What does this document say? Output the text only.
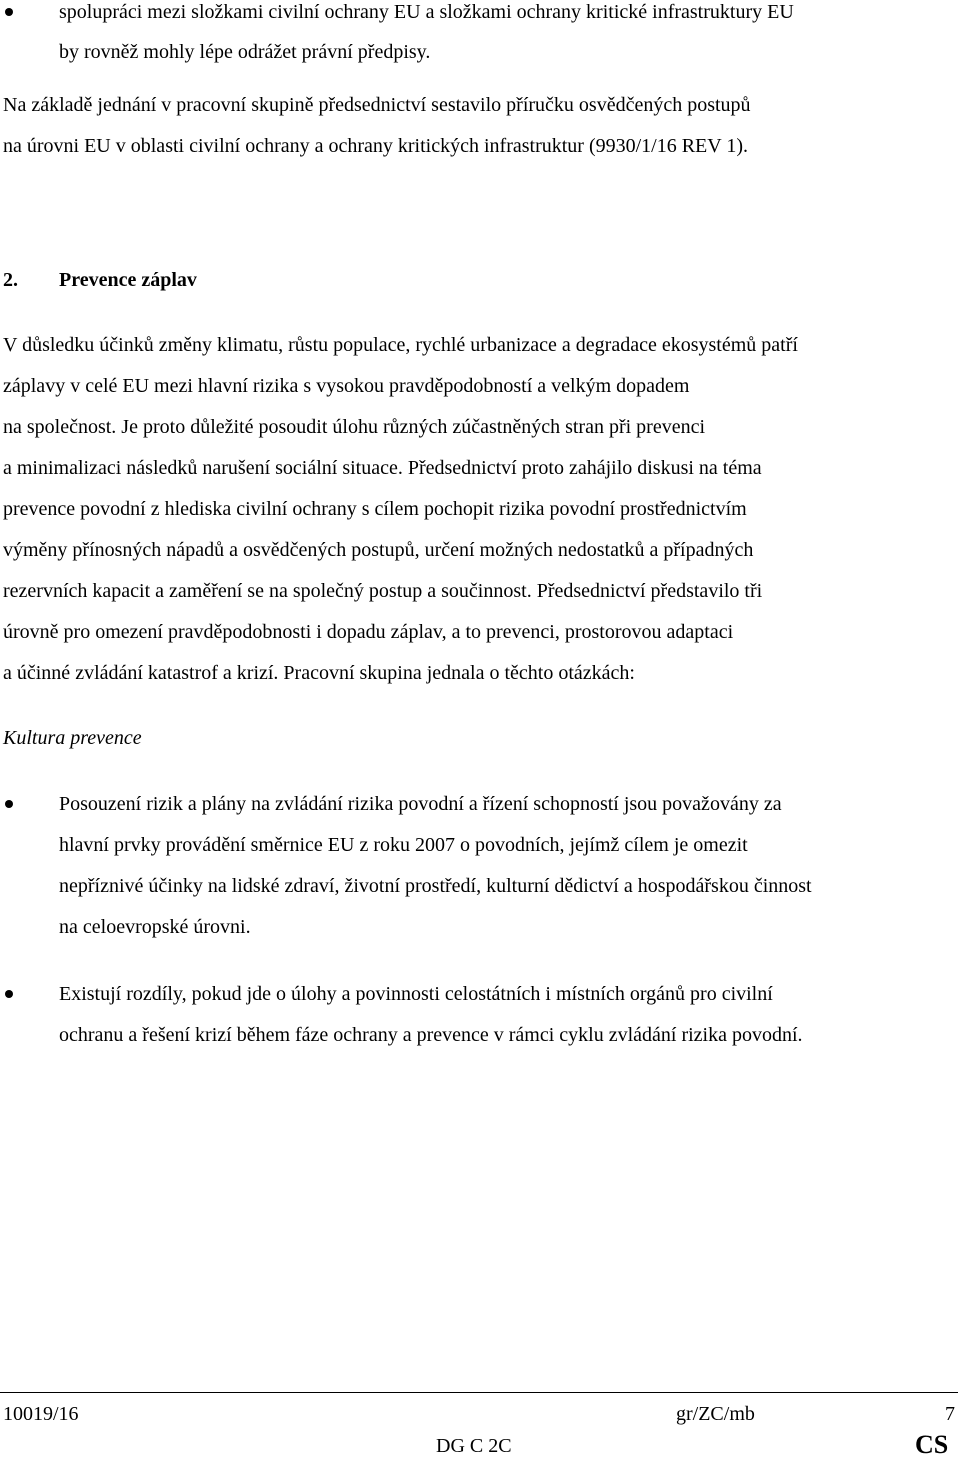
spolupráci mezi složkami civilní ochrany EU a složkami ochrany kritické infrastruktury EU
by rovněž mohly lépe odrážet právní předpisy.
Na základě jednání v pracovní skupině předsednictví sestavilo příručku osvědčených postupů
na úrovni EU v oblasti civilní ochrany a ochrany kritických infrastruktur (9930/1/16 REV 1).
2. Prevence záplav
V důsledku účinků změny klimatu, růstu populace, rychlé urbanizace a degradace ekosystémů patří
záplavy v celé EU mezi hlavní rizika s vysokou pravděpodobností a velkým dopadem
na společnost. Je proto důležité posoudit úlohu různých zúčastněných stran při prevenci
a minimalizaci následků narušení sociální situace. Předsednictví proto zahájilo diskusi na téma
prevence povodní z hlediska civilní ochrany s cílem pochopit rizika povodní prostřednictvím
výměny přínosných nápadů a osvědčených postupů, určení možných nedostatků a případných
rezervních kapacit a zaměření se na společný postup a součinnost. Předsednictví představilo tři
úrovně pro omezení pravděpodobnosti i dopadu záplav, a to prevenci, prostorovou adaptaci
a účinné zvládání katastrof a krizí. Pracovní skupina jednala o těchto otázkách:
Kultura prevence
Posouzení rizik a plány na zvládání rizika povodní a řízení schopností jsou považovány za
hlavní prvky provádění směrnice EU z roku 2007 o povodních, jejímž cílem je omezit
nepříznivé účinky na lidské zdraví, životní prostředí, kulturní dědictví a hospodářskou činnost
na celoevropské úrovni.
Existují rozdíly, pokud jde o úlohy a povinnosti celostátních i místních orgánů pro civilní
ochranu a řešení krizí během fáze ochrany a prevence v rámci cyklu zvládání rizika povodní.
10019/16	gr/ZC/mb	7
DG C 2C	CS
